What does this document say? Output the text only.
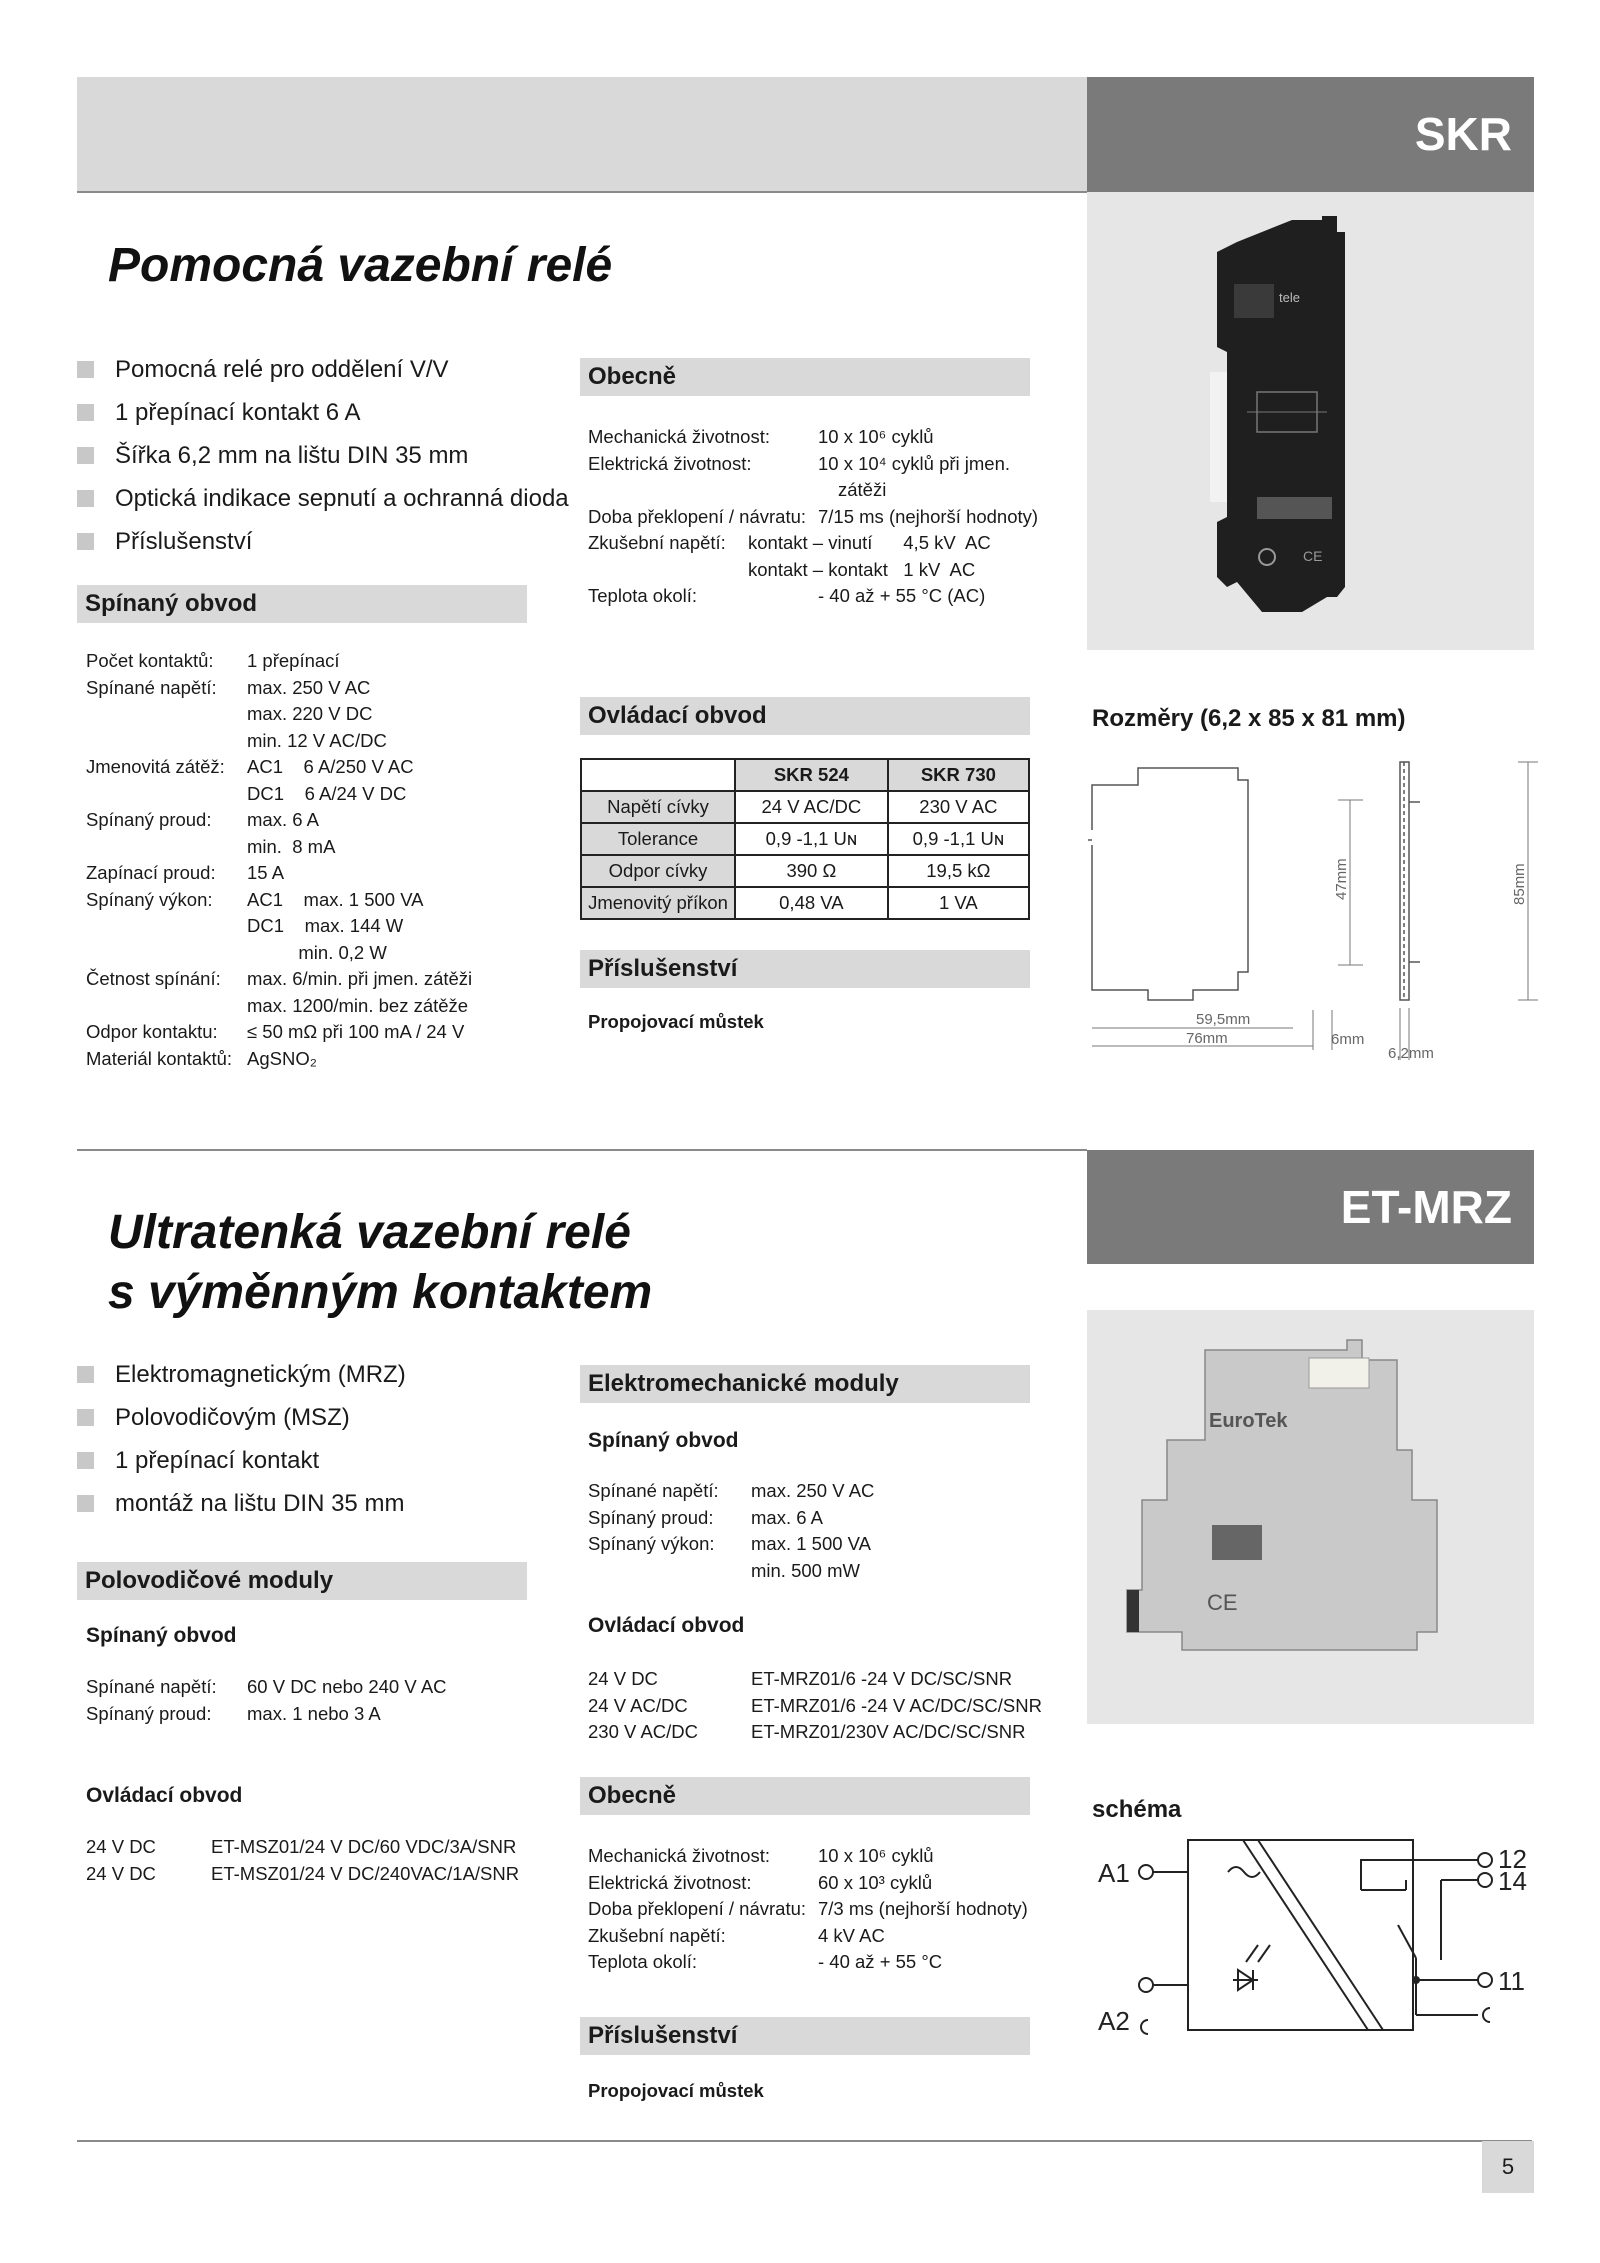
SKR
tele
CE
Pomocná vazební relé
Pomocná relé pro oddělení V/V
1 přepínací kontakt 6 A
Šířka 6,2 mm na lištu DIN 35 mm
Optická indikace sepnutí a ochranná dioda
Příslušenství
Spínaný obvod
Počet kontaktů:	1 přepínací
Spínané napětí:	max. 250 V AC
max. 220 V DC
min. 12 V AC/DC
Jmenovitá zátěž:	AC1    6 A/250 V AC
DC1    6 A/24 V DC
Spínaný proud:	max. 6 A
min.  8 mA
Zapínací proud:	15 A
Spínaný výkon:	AC1    max. 1 500 VA
DC1    max. 144 W
min. 0,2 W
Četnost spínání:	max. 6/min. při jmen. zátěži
max. 1200/min. bez zátěže
Odpor kontaktu:	≤ 50 mΩ při 100 mA / 24 V
Materiál kontaktů: AgSNO₂
Obecně
Mechanická životnost:	10 x 10⁶ cyklů
Elektrická životnost:	10 x 10⁴ cyklů při jmen.
zátěži
Doba překlopení / návratu: 7/15 ms (nejhorší hodnoty)
Zkušební napětí:	kontakt – vinutí      4,5 kV  AC
kontakt – kontakt   1 kV  AC
Teplota okolí:	- 40 až + 55 °C (AC)
Ovládací obvod
	SKR 524	SKR 730
Napětí cívky	24 V AC/DC	230 V AC
Tolerance	0,9 -1,1 Uɴ	0,9 -1,1 Uɴ
Odpor cívky	390 Ω	19,5 kΩ
Jmenovitý příkon	0,48 VA	1 VA
Příslušenství
Propojovací můstek
Rozměry (6,2 x 85 x 81 mm)
59,5mm
76mm	6mm
6,2mm
47mm	85mm
ET-MRZ
Ultratenká vazební relé
s výměnným kontaktem
EuroTek
CE
Elektromagnetickým (MRZ)
Polovodičovým (MSZ)
1 přepínací kontakt
montáž na lištu DIN 35 mm
Polovodičové moduly
Spínaný obvod
Spínané napětí:	60 V DC nebo 240 V AC
Spínaný proud:	max. 1 nebo 3 A
Ovládací obvod
24 V DC	ET-MSZ01/24 V DC/60 VDC/3A/SNR
24 V DC	ET-MSZ01/24 V DC/240VAC/1A/SNR
Elektromechanické moduly
Spínaný obvod
Spínané napětí:	max. 250 V AC
Spínaný proud:	max. 6 A
Spínaný výkon:	max. 1 500 VA
min. 500 mW
Ovládací obvod
24 V DC	ET-MRZ01/6 -24 V DC/SC/SNR
24 V AC/DC	ET-MRZ01/6 -24 V AC/DC/SC/SNR
230 V AC/DC	ET-MRZ01/230V AC/DC/SC/SNR
Obecně
Mechanická životnost:	10 x 10⁶ cyklů
Elektrická životnost:	60 x 10³ cyklů
Doba překlopení / návratu: 7/3 ms (nejhorší hodnoty)
Zkušební napětí:	4 kV AC
Teplota okolí:	- 40 až + 55 °C
Příslušenství
Propojovací můstek
schéma
A1
A2
12
14
11
5
